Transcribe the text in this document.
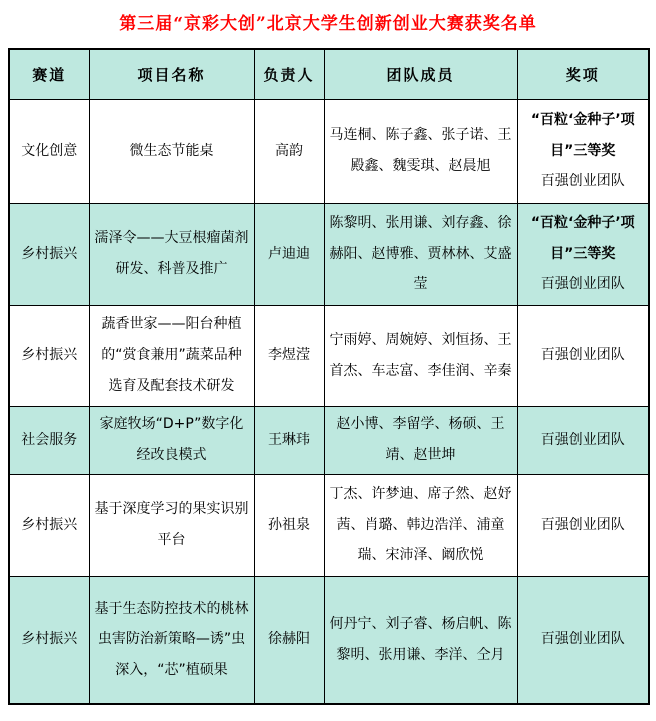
第三届“京彩大创”北京大学生创新创业大赛获奖名单
赛道	项目名称	负责人	团队成员	奖项
文化创意	微生态节能桌	高韵	马连桐、陈子鑫、张子诺、王殿鑫、魏雯琪、赵晨旭	“百粒‘金种子’项目”三等奖
百强创业团队

乡村振兴	濡泽令——大豆根瘤菌剂研发、科普及推广	卢迪迪	陈黎明、张用谦、刘存鑫、徐赫阳、赵博雅、贾林林、艾盛莹	“百粒‘金种子’项目”三等奖
百强创业团队

乡村振兴	蔬香世家——阳台种植的“赏食兼用”蔬菜品种选育及配套技术研发	李煜滢	宁雨婷、周婉婷、刘恒扬、王首杰、车志富、李佳润、辛秦	百强创业团队

社会服务	家庭牧场“D+P”数字化经改良模式	王琳玮	赵小博、李留学、杨硕、王靖、赵世坤	百强创业团队

乡村振兴	基于深度学习的果实识别平台	孙祖泉	丁杰、许梦迪、席子然、赵妤茜、肖璐、韩边浩洋、浦童瑞、宋沛泽、阚欣悦	百强创业团队

乡村振兴	基于生态防控技术的桃林虫害防治新策略—诱”虫深入，“芯”植硕果	徐赫阳	何丹宁、刘子睿、杨启帆、陈黎明、张用谦、李洋、仝月	百强创业团队
